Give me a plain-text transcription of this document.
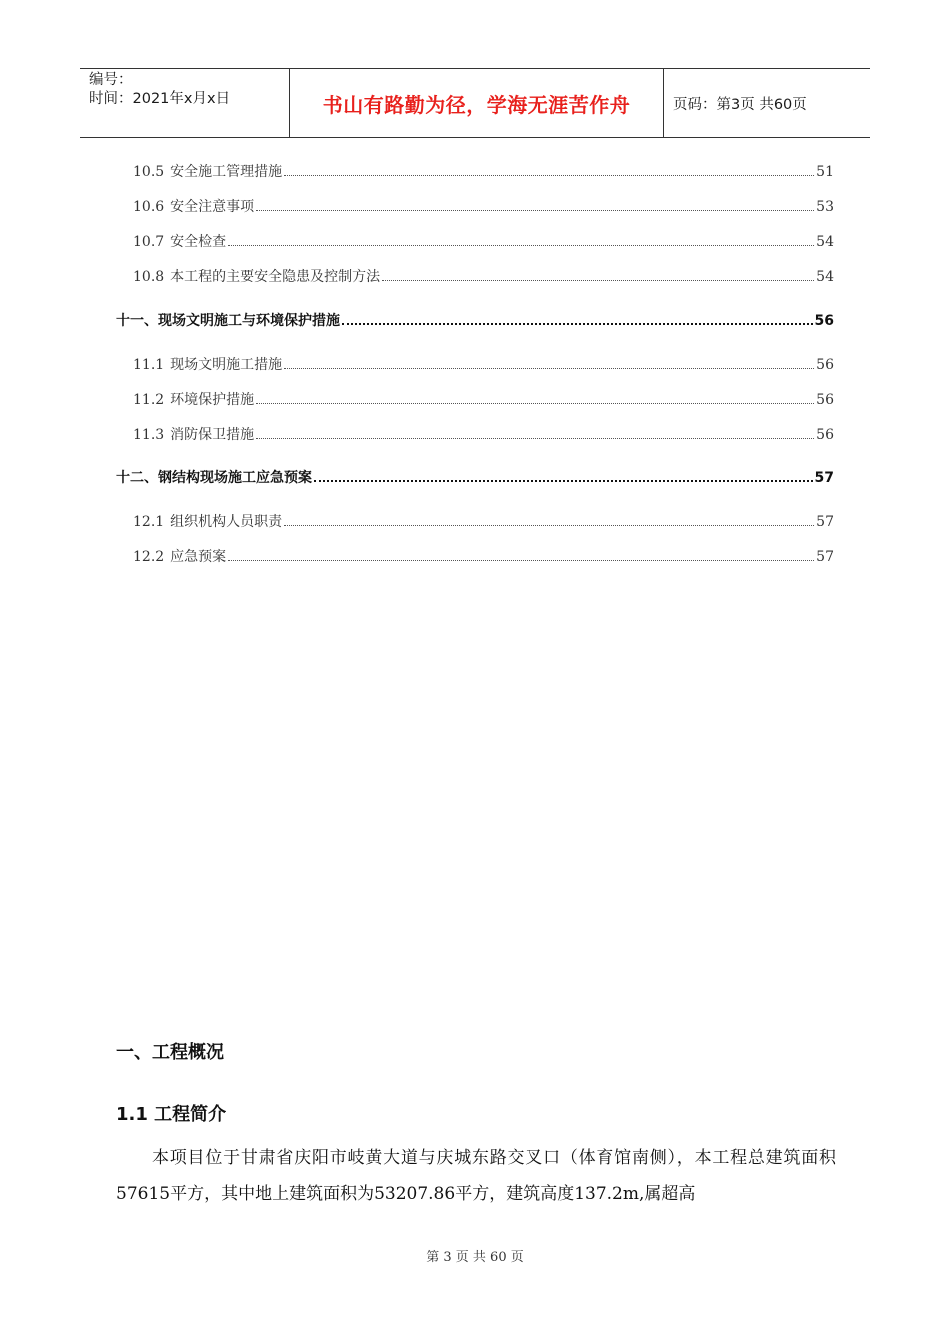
编号：
时间：2021年x月x日	书山有路勤为径，学海无涯苦作舟	页码：第3页 共60页
10.5 安全施工管理措施	51
10.6 安全注意事项	53
10.7 安全检查	54
10.8 本工程的主要安全隐患及控制方法	54
十一、现场文明施工与环境保护措施	56
11.1 现场文明施工措施	56
11.2 环境保护措施	56
11.3 消防保卫措施	56
十二、钢结构现场施工应急预案	57
12.1 组织机构人员职责	57
12.2 应急预案	57
一、工程概况
1.1 工程简介
本项目位于甘肃省庆阳市岐黄大道与庆城东路交叉口（体育馆南侧），本工程总建筑面积57615平方，其中地上建筑面积为53207.86平方，建筑高度137.2m,属超高
第 3 页 共 60 页
